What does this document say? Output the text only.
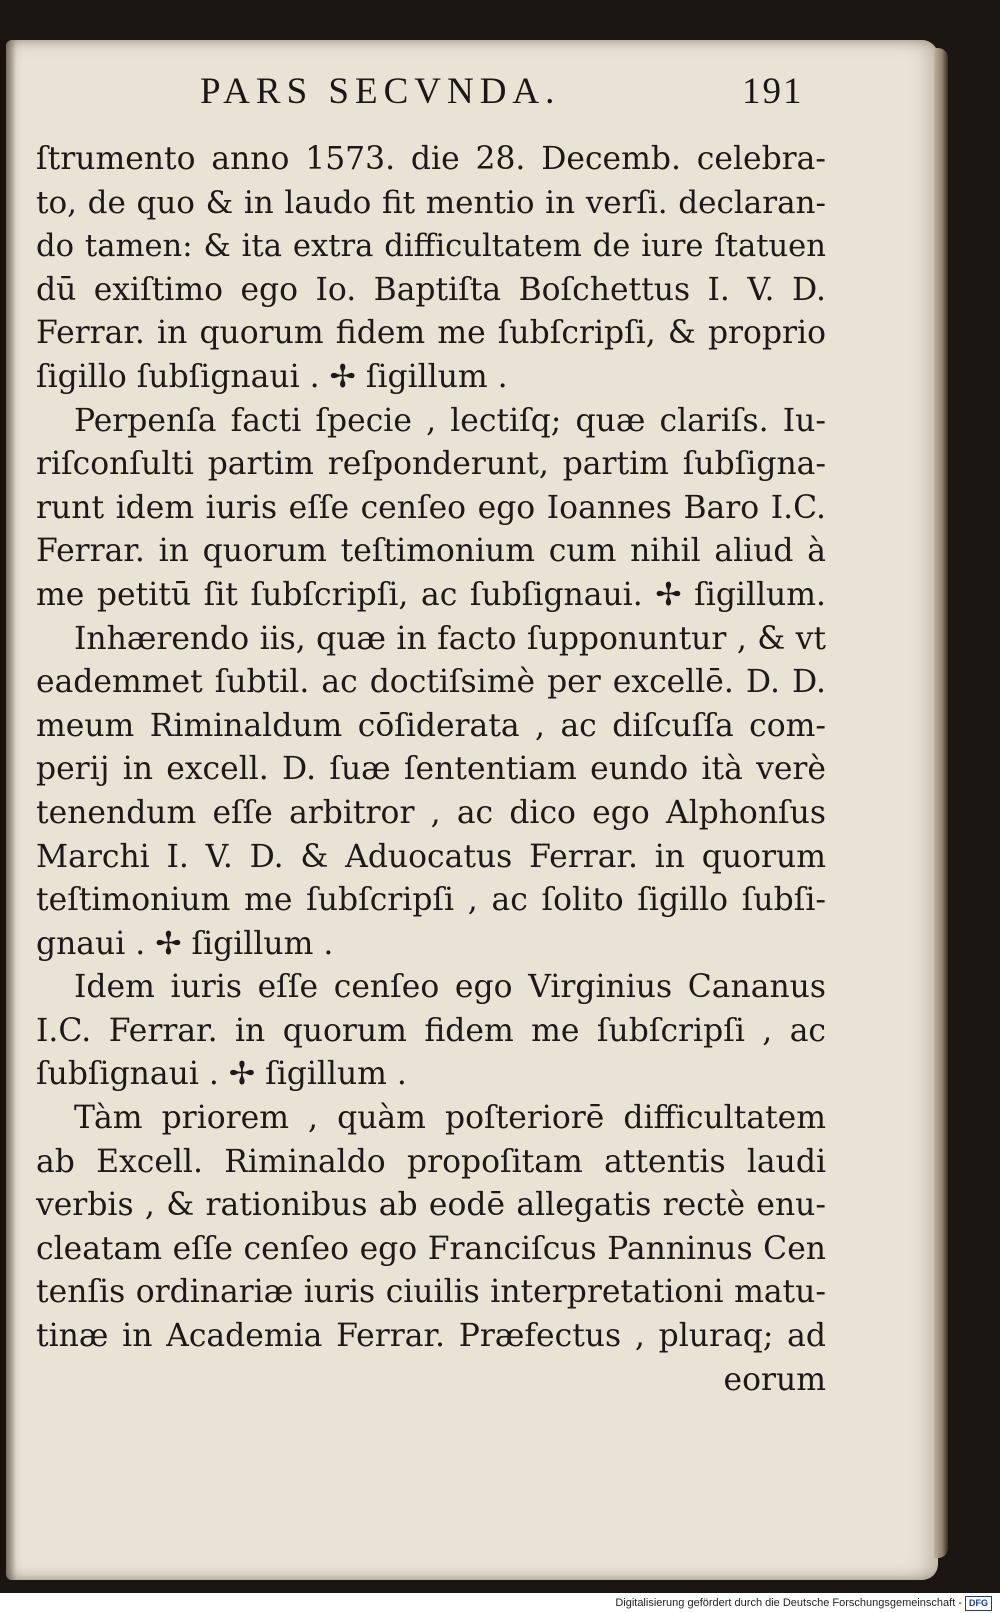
PARS SECVNDA.	191
ſtrumento anno 1573. die 28. Decemb. celebra-
to, de quo & in laudo fit mentio in verſi. declaran-
do tamen: & ita extra difficultatem de iure ſtatuen
dū exiſtimo ego Io. Baptiſta Boſchettus I. V. D.
Ferrar. in quorum fidem me ſubſcripſi, & proprio
ſigillo ſubſignaui . ✢ ſigillum .
Perpenſa facti ſpecie , lectiſq; quæ clariſs. Iu-
riſconſulti partim reſponderunt, partim ſubſigna-
runt idem iuris eſſe cenſeo ego Ioannes Baro I.C.
Ferrar. in quorum teſtimonium cum nihil aliud à
me petitū ſit ſubſcripſi, ac ſubſignaui. ✢ ſigillum.
Inhærendo iis, quæ in facto ſupponuntur , & vt
eademmet ſubtil. ac doctiſsimè per excellē. D. D.
meum Riminaldum cōſiderata , ac diſcuſſa com-
perij in excell. D. ſuæ ſententiam eundo ità verè
tenendum eſſe arbitror , ac dico ego Alphonſus
Marchi I. V. D. & Aduocatus Ferrar. in quorum
teſtimonium me ſubſcripſi , ac ſolito ſigillo ſubſi-
gnaui . ✢ ſigillum .
Idem iuris eſſe cenſeo ego Virginius Cananus
I.C. Ferrar. in quorum fidem me ſubſcripſi , ac
ſubſignaui . ✢ ſigillum .
Tàm priorem , quàm poſteriorē difficultatem
ab Excell. Riminaldo propoſitam attentis laudi
verbis , & rationibus ab eodē allegatis rectè enu-
cleatam eſſe cenſeo ego Franciſcus Panninus Cen
tenſis ordinariæ iuris ciuilis interpretationi matu-
tinæ in Academia Ferrar. Præfectus , pluraq; ad
eorum
Digitalisierung gefördert durch die Deutsche Forschungsgemeinschaft - DFG
